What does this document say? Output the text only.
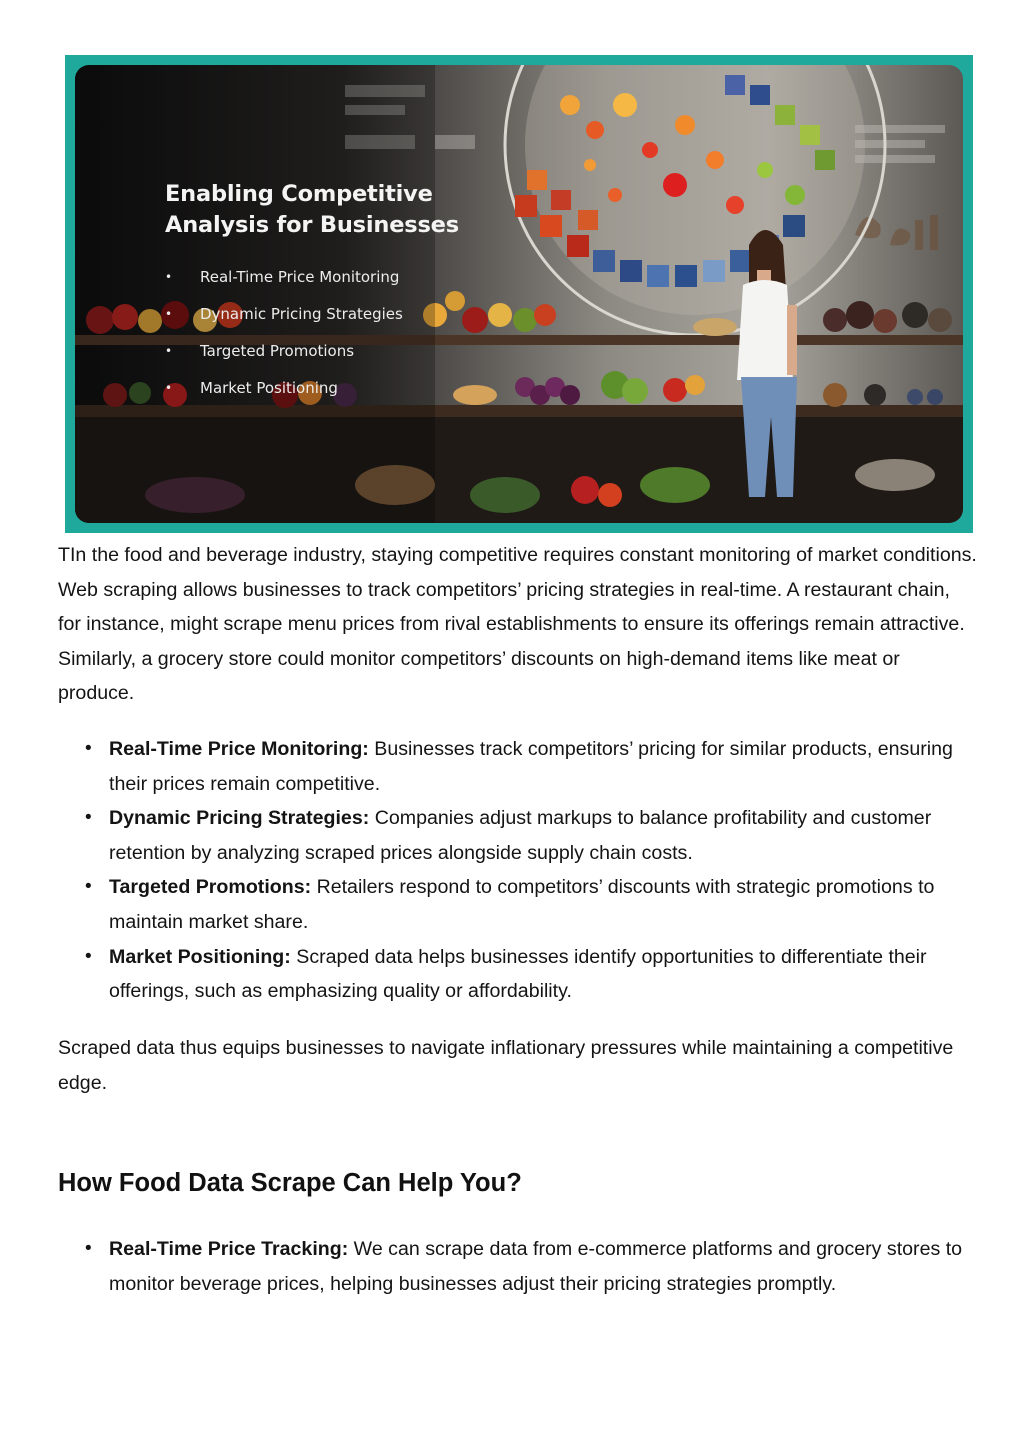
Enabling Competitive
Analysis for Businesses
• Real-Time Price Monitoring
• Dynamic Pricing Strategies
• Targeted Promotions
• Market Positioning

TIn the food and beverage industry, staying competitive requires constant monitoring of market conditions. Web scraping allows businesses to track competitors’ pricing strategies in real-time. A restaurant chain, for instance, might scrape menu prices from rival establishments to ensure its offerings remain attractive. Similarly, a grocery store could monitor competitors’ discounts on high-demand items like meat or produce.

• Real-Time Price Monitoring: Businesses track competitors’ pricing for similar products, ensuring their prices remain competitive.
• Dynamic Pricing Strategies: Companies adjust markups to balance profitability and customer retention by analyzing scraped prices alongside supply chain costs.
• Targeted Promotions: Retailers respond to competitors’ discounts with strategic promotions to maintain market share.
• Market Positioning: Scraped data helps businesses identify opportunities to differentiate their offerings, such as emphasizing quality or affordability.

Scraped data thus equips businesses to navigate inflationary pressures while maintaining a competitive edge.

How Food Data Scrape Can Help You?
• Real-Time Price Tracking: We can scrape data from e-commerce platforms and grocery stores to monitor beverage prices, helping businesses adjust their pricing strategies promptly.
